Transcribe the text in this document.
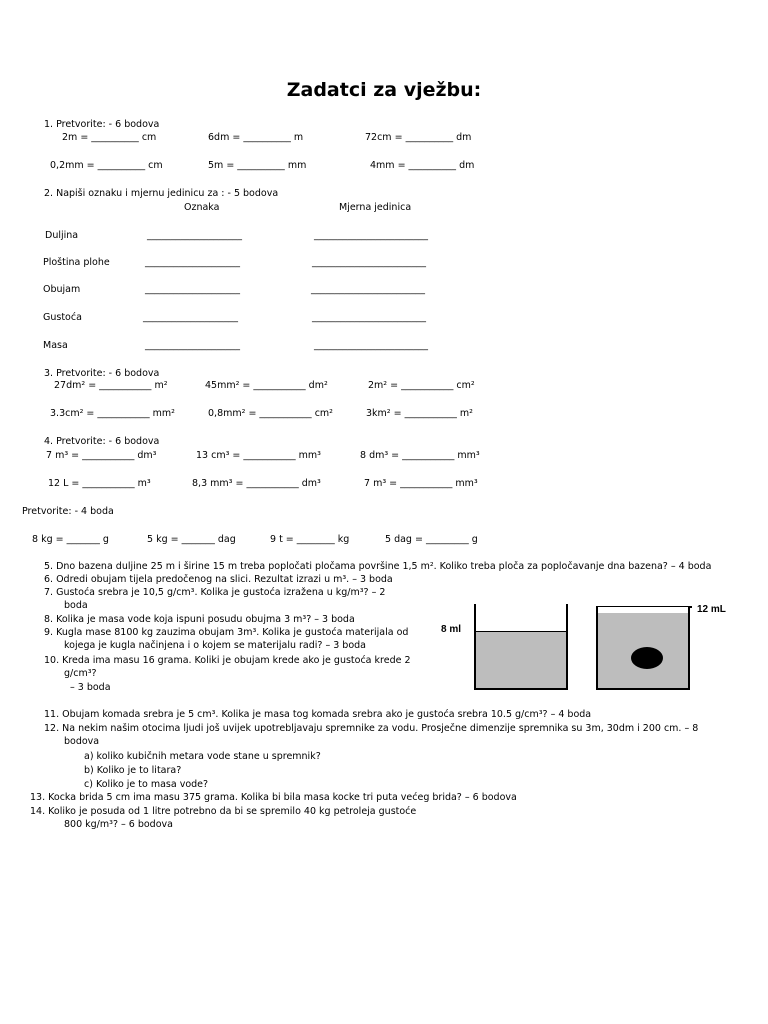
Zadatci za vježbu:
1. Pretvorite: - 6 bodova
2m = __________ cm	6dm = __________ m	72cm = __________ dm
0,2mm = __________ cm	5m = __________ mm	4mm = __________ dm
2. Napiši oznaku i mjernu jedinicu za : - 5 bodova
Oznaka	Mjerna jedinica
Duljina	____________________	________________________
Ploština plohe	____________________	________________________
Obujam	____________________	________________________
Gustoća	____________________	________________________
Masa	____________________	________________________
3. Pretvorite: - 6 bodova
27dm² = ___________ m²	45mm² = ___________ dm²	2m² = ___________ cm²
3.3cm² = ___________ mm²	0,8mm² = ___________ cm²	3km² = ___________ m²
4. Pretvorite: - 6 bodova
7 m³ = ___________ dm³	13 cm³ = ___________ mm³	8 dm³ = ___________ mm³
12 L = ___________ m³	8,3 mm³ = ___________ dm³	7 m³ = ___________ mm³
Pretvorite: - 4 boda
8 kg = _______ g	5 kg = _______ dag	9 t = ________ kg	5 dag = _________ g
5. Dno bazena duljine 25 m i širine 15 m treba popločati pločama površine 1,5 m². Koliko treba ploča za popločavanje dna bazena? – 4 boda
6. Odredi obujam tijela predočenog na slici. Rezultat izrazi u m³. – 3 boda
7. Gustoća srebra je 10,5 g/cm³. Kolika je gustoća izražena u kg/m³? – 2
boda
8. Kolika je masa vode koja ispuni posudu obujma 3 m³? – 3 boda
9. Kugla mase 8100 kg zauzima obujam 3m³. Kolika je gustoća materijala od
kojega je kugla načinjena i o kojem se materijalu radi? – 3 boda
10. Kreda ima masu 16 grama. Koliki je obujam krede ako je gustoća krede 2
g/cm³?
– 3 boda
11. Obujam komada srebra je 5 cm³. Kolika je masa tog komada srebra ako je gustoća srebra 10.5 g/cm³? – 4 boda
12. Na nekim našim otocima ljudi još uvijek upotrebljavaju spremnike za vodu. Prosječne dimenzije spremnika su 3m, 30dm i 200 cm. – 8
bodova
a) koliko kubičnih metara vode stane u spremnik?
b) Koliko je to litara?
c) Koliko je to masa vode?
13. Kocka brida 5 cm ima masu 375 grama. Kolika bi bila masa kocke tri puta većeg brida? – 6 bodova
14. Koliko je posuda od 1 litre potrebno da bi se spremilo 40 kg petroleja gustoće
800 kg/m³? – 6 bodova
8 ml
12 mL
